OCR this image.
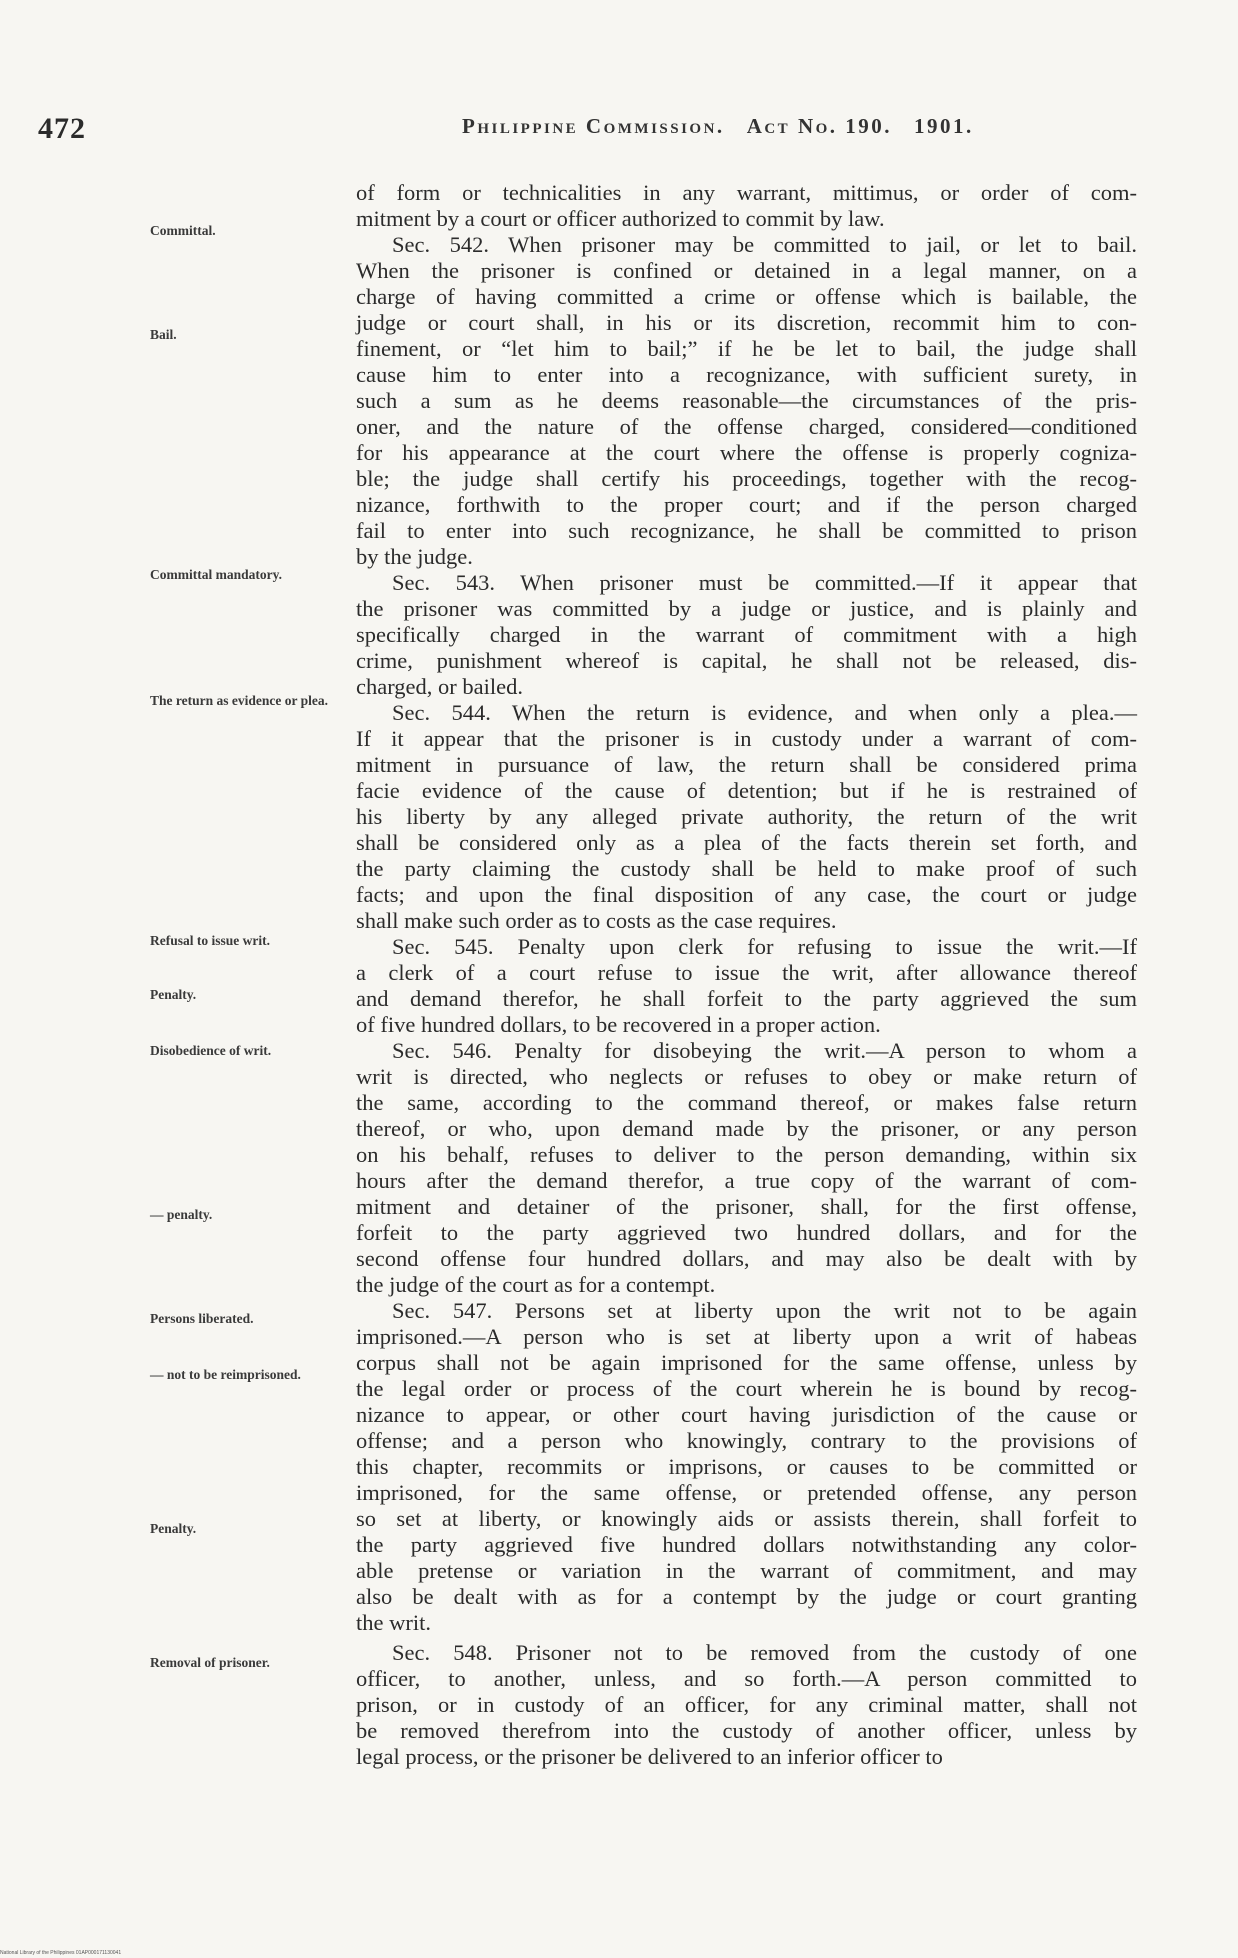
472	Philippine Commission. Act No. 190. 1901.
Committal.
Bail.
Committal mandatory.
The return as evidence or plea.
Refusal to issue writ.
Penalty.
Disobedience of writ.
— penalty.
Persons liberated.
— not to be reimprisoned.
Penalty.
Removal of prisoner.
of form or technicalities in any warrant, mittimus, or order of com-
mitment by a court or officer authorized to commit by law.
Sec. 542. When prisoner may be committed to jail, or let to bail.
When the prisoner is confined or detained in a legal manner, on a
charge of having committed a crime or offense which is bailable, the
judge or court shall, in his or its discretion, recommit him to con-
finement, or “let him to bail;” if he be let to bail, the judge shall
cause him to enter into a recognizance, with sufficient surety, in
such a sum as he deems reasonable—the circumstances of the pris-
oner, and the nature of the offense charged, considered—conditioned
for his appearance at the court where the offense is properly cogniza-
ble; the judge shall certify his proceedings, together with the recog-
nizance, forthwith to the proper court; and if the person charged
fail to enter into such recognizance, he shall be committed to prison
by the judge.
Sec. 543. When prisoner must be committed.—If it appear that
the prisoner was committed by a judge or justice, and is plainly and
specifically charged in the warrant of commitment with a high
crime, punishment whereof is capital, he shall not be released, dis-
charged, or bailed.
Sec. 544. When the return is evidence, and when only a plea.—
If it appear that the prisoner is in custody under a warrant of com-
mitment in pursuance of law, the return shall be considered prima
facie evidence of the cause of detention; but if he is restrained of
his liberty by any alleged private authority, the return of the writ
shall be considered only as a plea of the facts therein set forth, and
the party claiming the custody shall be held to make proof of such
facts; and upon the final disposition of any case, the court or judge
shall make such order as to costs as the case requires.
Sec. 545. Penalty upon clerk for refusing to issue the writ.—If
a clerk of a court refuse to issue the writ, after allowance thereof
and demand therefor, he shall forfeit to the party aggrieved the sum
of five hundred dollars, to be recovered in a proper action.
Sec. 546. Penalty for disobeying the writ.—A person to whom a
writ is directed, who neglects or refuses to obey or make return of
the same, according to the command thereof, or makes false return
thereof, or who, upon demand made by the prisoner, or any person
on his behalf, refuses to deliver to the person demanding, within six
hours after the demand therefor, a true copy of the warrant of com-
mitment and detainer of the prisoner, shall, for the first offense,
forfeit to the party aggrieved two hundred dollars, and for the
second offense four hundred dollars, and may also be dealt with by
the judge of the court as for a contempt.
Sec. 547. Persons set at liberty upon the writ not to be again
imprisoned.—A person who is set at liberty upon a writ of habeas
corpus shall not be again imprisoned for the same offense, unless by
the legal order or process of the court wherein he is bound by recog-
nizance to appear, or other court having jurisdiction of the cause or
offense; and a person who knowingly, contrary to the provisions of
this chapter, recommits or imprisons, or causes to be committed or
imprisoned, for the same offense, or pretended offense, any person
so set at liberty, or knowingly aids or assists therein, shall forfeit to
the party aggrieved five hundred dollars notwithstanding any color-
able pretense or variation in the warrant of commitment, and may
also be dealt with as for a contempt by the judge or court granting
the writ.
Sec. 548. Prisoner not to be removed from the custody of one
officer, to another, unless, and so forth.—A person committed to
prison, or in custody of an officer, for any criminal matter, shall not
be removed therefrom into the custody of another officer, unless by
legal process, or the prisoner be delivered to an inferior officer to
National Library of the Philippines 01AP000171130041
